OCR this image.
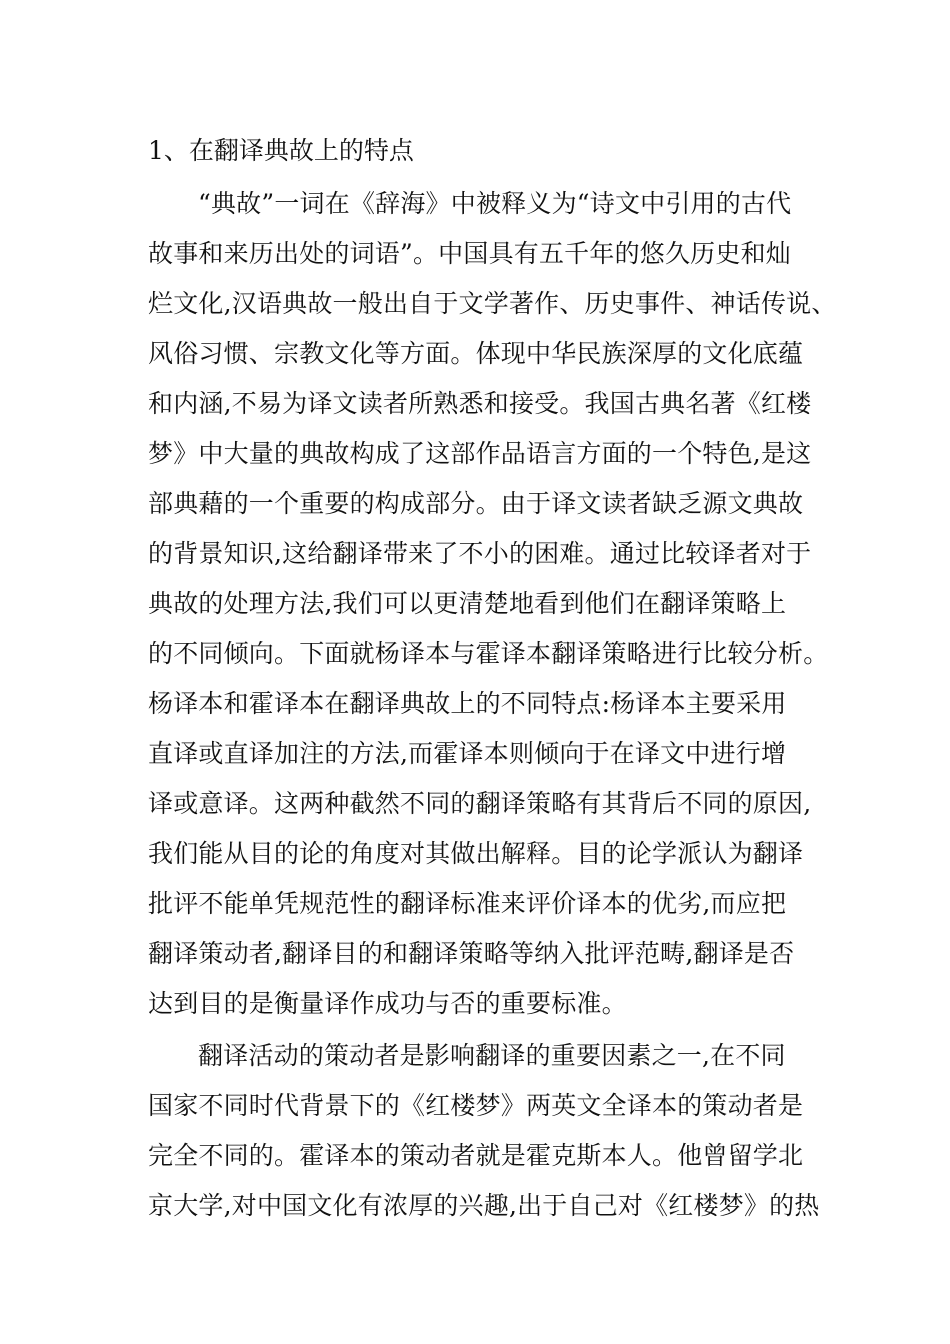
1、在翻译典故上的特点
“典故”一词在《辞海》中被释义为“诗文中引用的古代
故事和来历出处的词语”。中国具有五千年的悠久历史和灿
烂文化,汉语典故一般出自于文学著作、历史事件、神话传说、
风俗习惯、宗教文化等方面。体现中华民族深厚的文化底蕴
和内涵,不易为译文读者所熟悉和接受。我国古典名著《红楼
梦》中大量的典故构成了这部作品语言方面的一个特色,是这
部典藉的一个重要的构成部分。由于译文读者缺乏源文典故
的背景知识,这给翻译带来了不小的困难。通过比较译者对于
典故的处理方法,我们可以更清楚地看到他们在翻译策略上
的不同倾向。下面就杨译本与霍译本翻译策略进行比较分析。
杨译本和霍译本在翻译典故上的不同特点:杨译本主要采用
直译或直译加注的方法,而霍译本则倾向于在译文中进行增
译或意译。这两种截然不同的翻译策略有其背后不同的原因,
我们能从目的论的角度对其做出解释。目的论学派认为翻译
批评不能单凭规范性的翻译标准来评价译本的优劣,而应把
翻译策动者,翻译目的和翻译策略等纳入批评范畴,翻译是否
达到目的是衡量译作成功与否的重要标准。
翻译活动的策动者是影响翻译的重要因素之一,在不同
国家不同时代背景下的《红楼梦》两英文全译本的策动者是
完全不同的。霍译本的策动者就是霍克斯本人。他曾留学北
京大学,对中国文化有浓厚的兴趣,出于自己对《红楼梦》的热
